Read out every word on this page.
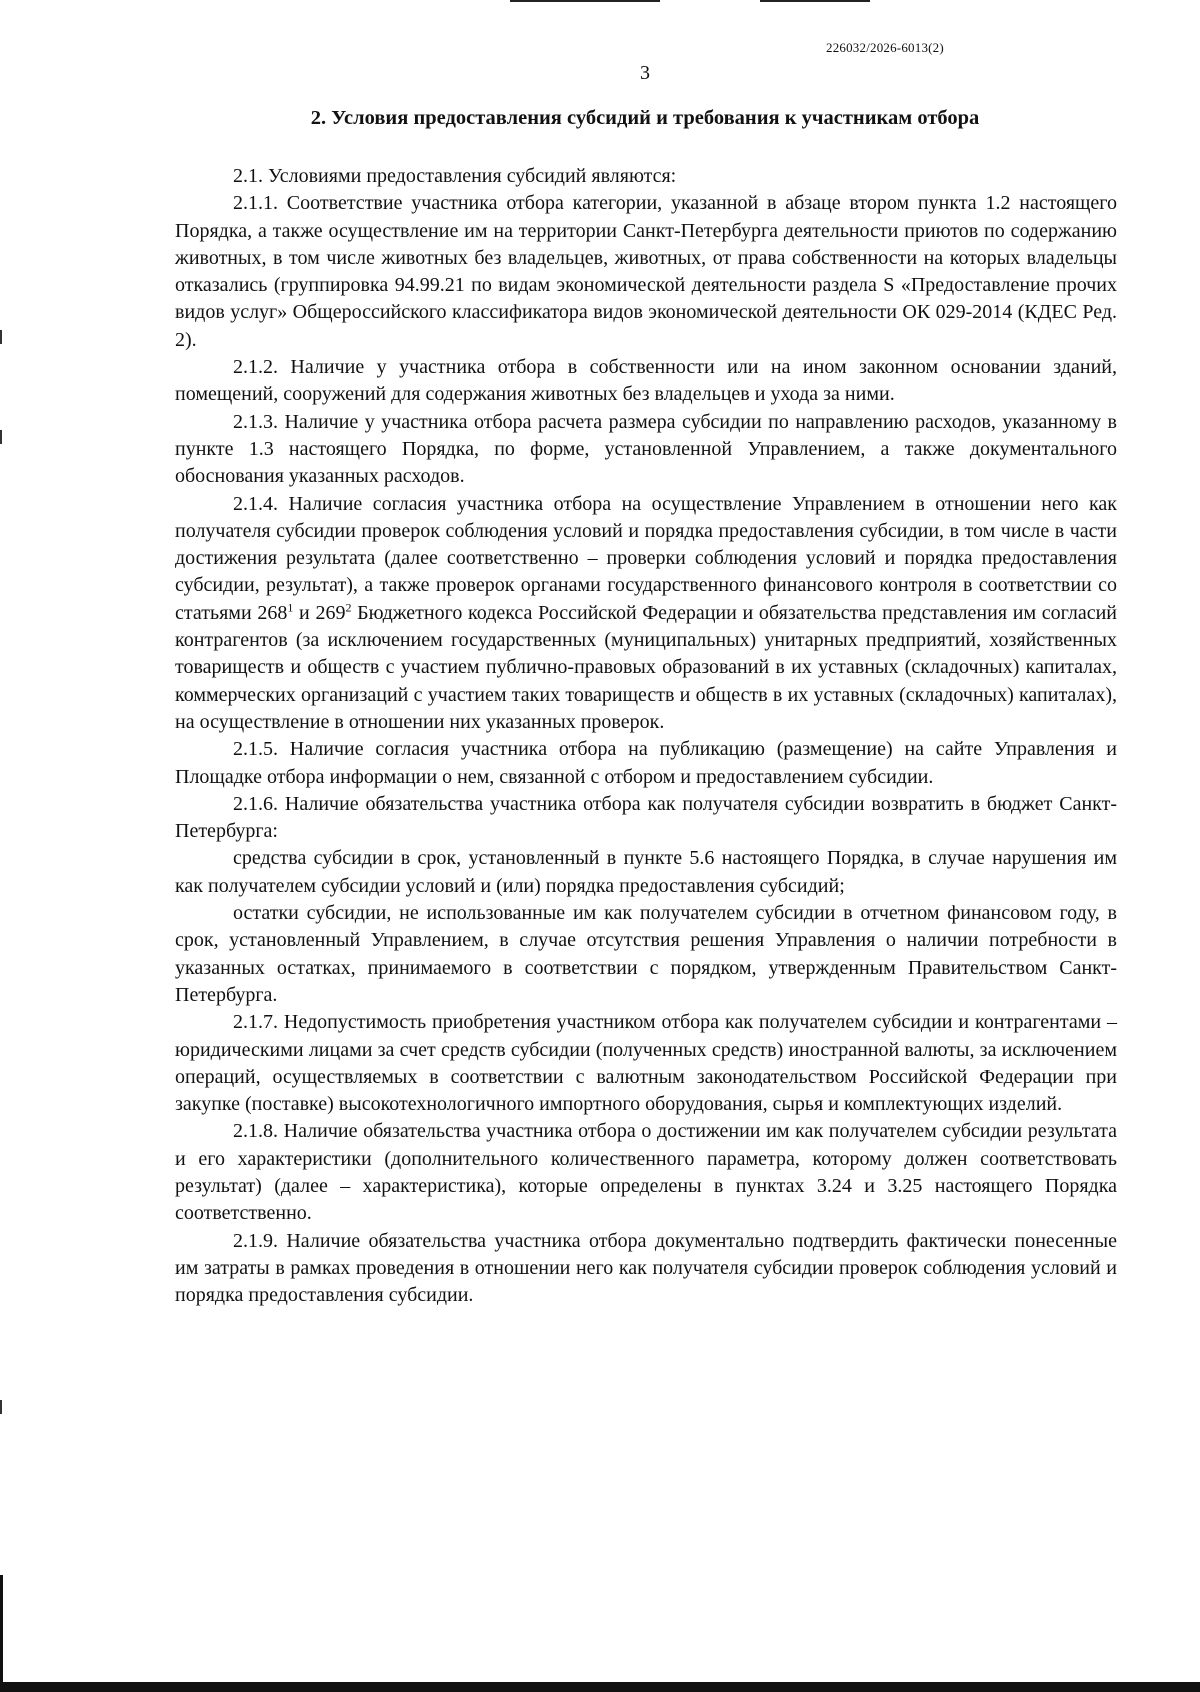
226032/2026-6013(2)
3
2. Условия предоставления субсидий и требования к участникам отбора

2.1. Условиями предоставления субсидий являются:

2.1.1. Соответствие участника отбора категории, указанной в абзаце втором пункта 1.2 настоящего Порядка, а также осуществление им на территории Санкт-Петербурга деятельности приютов по содержанию животных, в том числе животных без владельцев, животных, от права собственности на которых владельцы отказались (группировка 94.99.21 по видам экономической деятельности раздела S «Предоставление прочих видов услуг» Общероссийского классификатора видов экономической деятельности ОК 029-2014 (КДЕС Ред. 2).

2.1.2. Наличие у участника отбора в собственности или на ином законном основании зданий, помещений, сооружений для содержания животных без владельцев и ухода за ними.

2.1.3. Наличие у участника отбора расчета размера субсидии по направлению расходов, указанному в пункте 1.3 настоящего Порядка, по форме, установленной Управлением, а также документального обоснования указанных расходов.

2.1.4. Наличие согласия участника отбора на осуществление Управлением в отношении него как получателя субсидии проверок соблюдения условий и порядка предоставления субсидии, в том числе в части достижения результата (далее соответственно – проверки соблюдения условий и порядка предоставления субсидии, результат), а также проверок органами государственного финансового контроля в соответствии со статьями $268^1$ и $269^2$ Бюджетного кодекса Российской Федерации и обязательства представления им согласий контрагентов (за исключением государственных (муниципальных) унитарных предприятий, хозяйственных товариществ и обществ с участием публично-правовых образований в их уставных (складочных) капиталах, коммерческих организаций с участием таких товариществ и обществ в их уставных (складочных) капиталах), на осуществление в отношении них указанных проверок.

2.1.5. Наличие согласия участника отбора на публикацию (размещение) на сайте Управления и Площадке отбора информации о нем, связанной с отбором и предоставлением субсидии.

2.1.6. Наличие обязательства участника отбора как получателя субсидии возвратить в бюджет Санкт-Петербурга:

средства субсидии в срок, установленный в пункте 5.6 настоящего Порядка, в случае нарушения им как получателем субсидии условий и (или) порядка предоставления субсидий;

остатки субсидии, не использованные им как получателем субсидии в отчетном финансовом году, в срок, установленный Управлением, в случае отсутствия решения Управления о наличии потребности в указанных остатках, принимаемого в соответствии с порядком, утвержденным Правительством Санкт-Петербурга.

2.1.7. Недопустимость приобретения участником отбора как получателем субсидии и контрагентами – юридическими лицами за счет средств субсидии (полученных средств) иностранной валюты, за исключением операций, осуществляемых в соответствии с валютным законодательством Российской Федерации при закупке (поставке) высокотехнологичного импортного оборудования, сырья и комплектующих изделий.

2.1.8. Наличие обязательства участника отбора о достижении им как получателем субсидии результата и его характеристики (дополнительного количественного параметра, которому должен соответствовать результат) (далее – характеристика), которые определены в пунктах 3.24 и 3.25 настоящего Порядка соответственно.

2.1.9. Наличие обязательства участника отбора документально подтвердить фактически понесенные им затраты в рамках проведения в отношении него как получателя субсидии проверок соблюдения условий и порядка предоставления субсидии.
